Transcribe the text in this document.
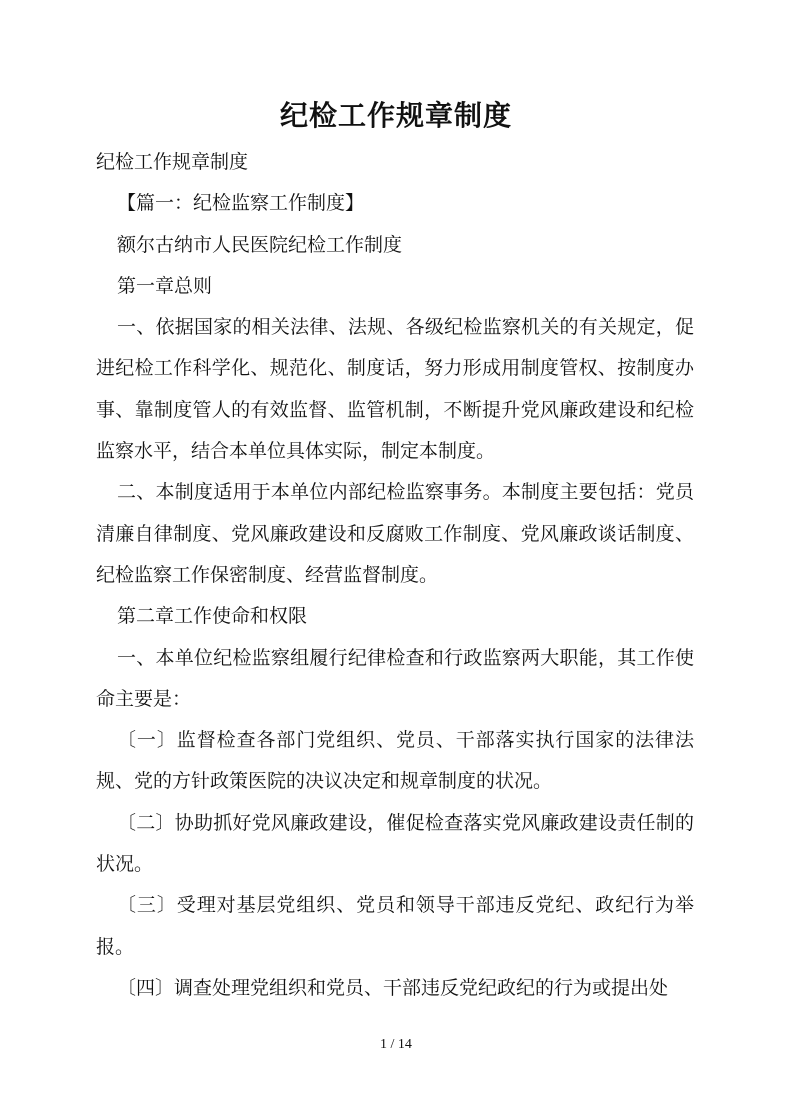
纪检工作规章制度

纪检工作规章制度

【篇一：纪检监察工作制度】

额尔古纳市人民医院纪检工作制度

第一章总则

一、依据国家的相关法律、法规、各级纪检监察机关的有关规定，促进纪检工作科学化、规范化、制度话，努力形成用制度管权、按制度办事、靠制度管人的有效监督、监管机制，不断提升党风廉政建设和纪检监察水平，结合本单位具体实际，制定本制度。

二、本制度适用于本单位内部纪检监察事务。本制度主要包括：党员清廉自律制度、党风廉政建设和反腐败工作制度、党风廉政谈话制度、纪检监察工作保密制度、经营监督制度。

第二章工作使命和权限

一、本单位纪检监察组履行纪律检查和行政监察两大职能，其工作使命主要是：

〔一〕监督检查各部门党组织、党员、干部落实执行国家的法律法规、党的方针政策医院的决议决定和规章制度的状况。

〔二〕协助抓好党风廉政建设，催促检查落实党风廉政建设责任制的状况。

〔三〕受理对基层党组织、党员和领导干部违反党纪、政纪行为举报。

〔四〕调查处理党组织和党员、干部违反党纪政纪的行为或提出处

1 / 14
